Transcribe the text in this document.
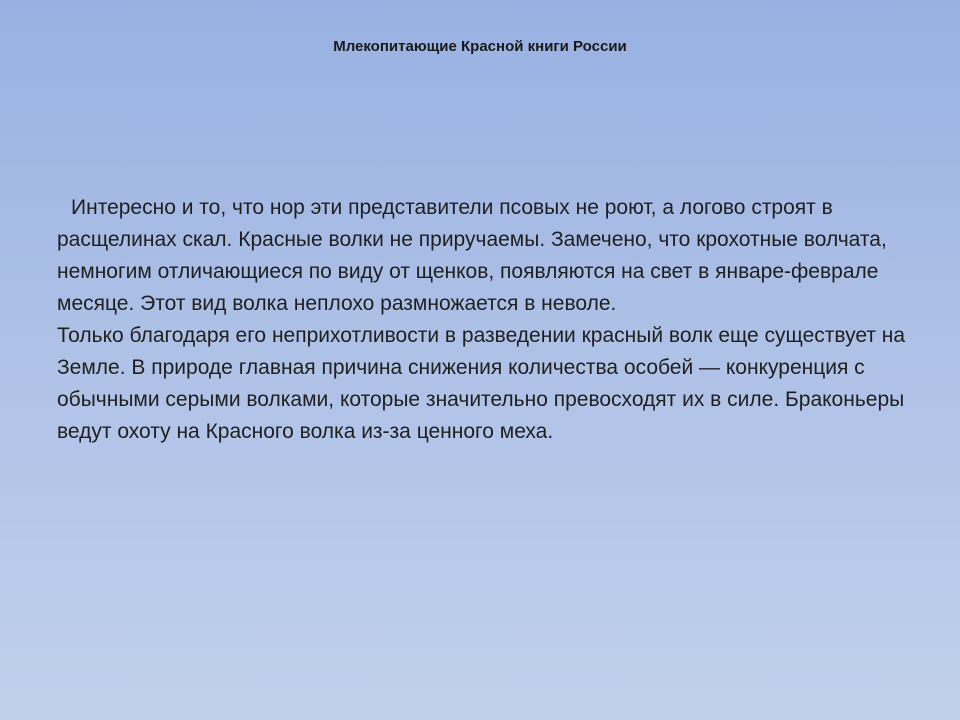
Млекопитающие Красной книги России

Интересно и то, что нор эти представители псовых не роют, а логово строят в расщелинах скал. Красные волки не приручаемы. Замечено, что крохотные волчата, немногим отличающиеся по виду от щенков, появляются на свет в январе-феврале месяце. Этот вид волка неплохо размножается в неволе.

Только благодаря его неприхотливости в разведении красный волк еще существует на Земле. В природе главная причина снижения количества особей — конкуренция с обычными серыми волками, которые значительно превосходят их в силе. Браконьеры ведут охоту на Красного волка из-за ценного меха.
